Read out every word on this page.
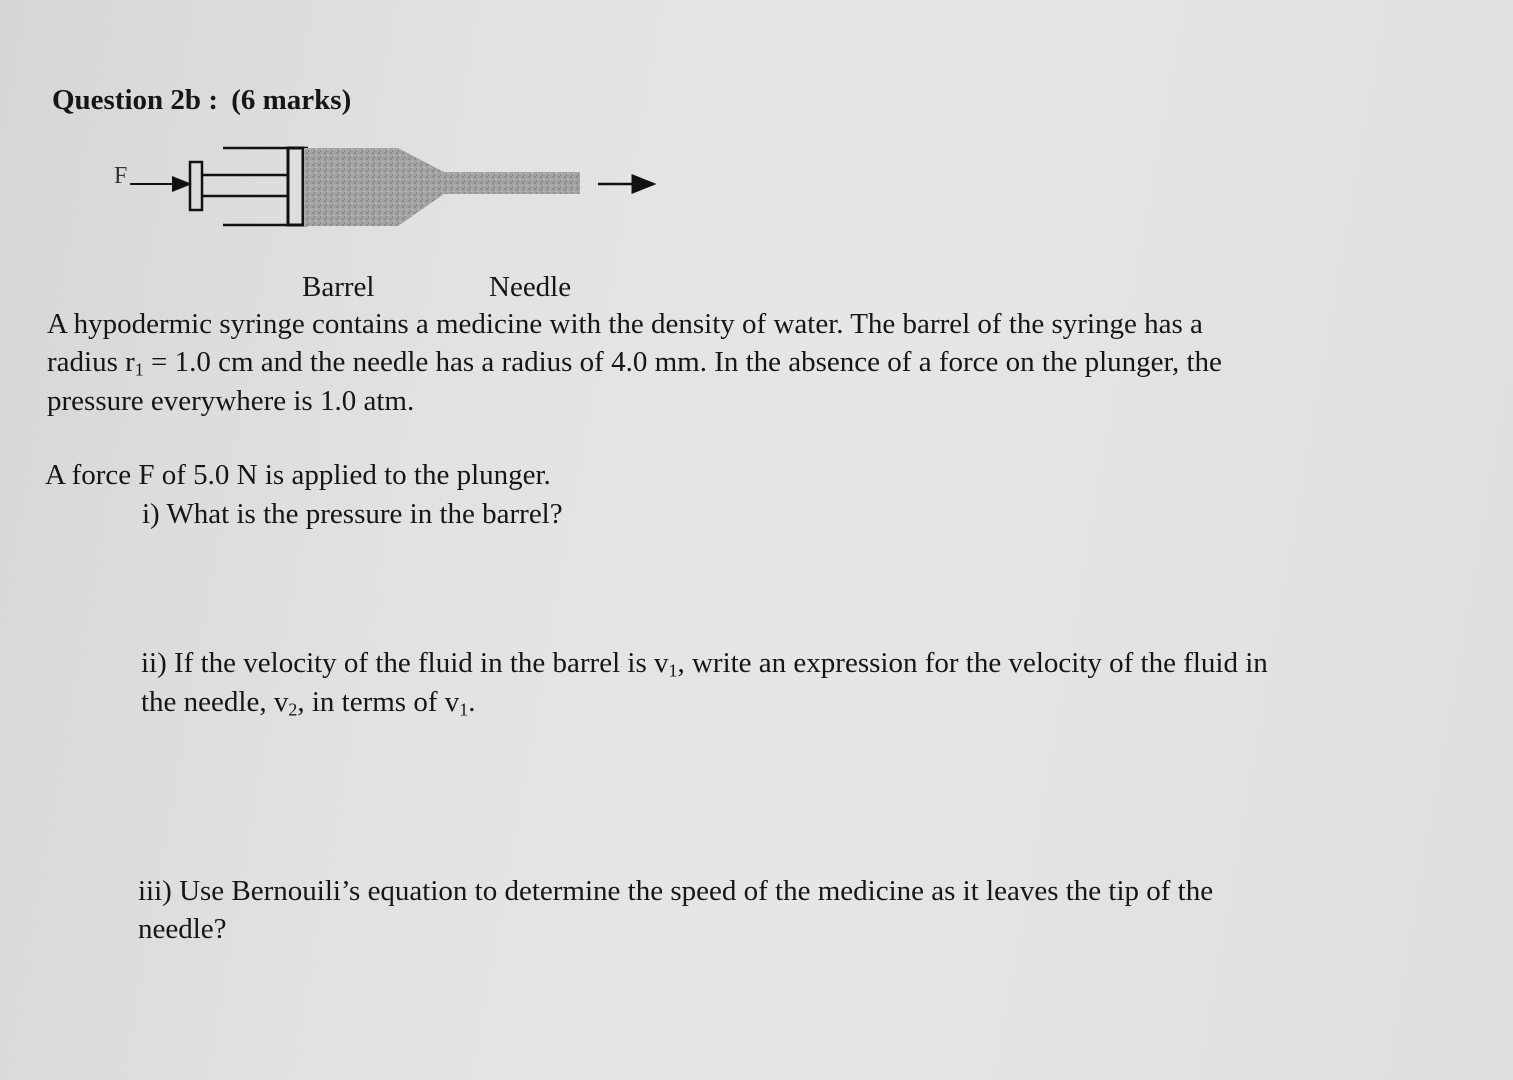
Question 2b : (6 marks)
F
Barrel	Needle
A hypodermic syringe contains a medicine with the density of water. The barrel of the syringe has a
radius $r_1 = 1.0$ cm and the needle has a radius of 4.0 mm. In the absence of a force on the plunger, the
pressure everywhere is 1.0 atm.
A force F of 5.0 N is applied to the plunger.
i) What is the pressure in the barrel?
ii) If the velocity of the fluid in the barrel is $v_1$, write an expression for the velocity of the fluid in
the needle, $v_2$, in terms of $v_1$.
iii) Use Bernouili’s equation to determine the speed of the medicine as it leaves the tip of the
needle?
